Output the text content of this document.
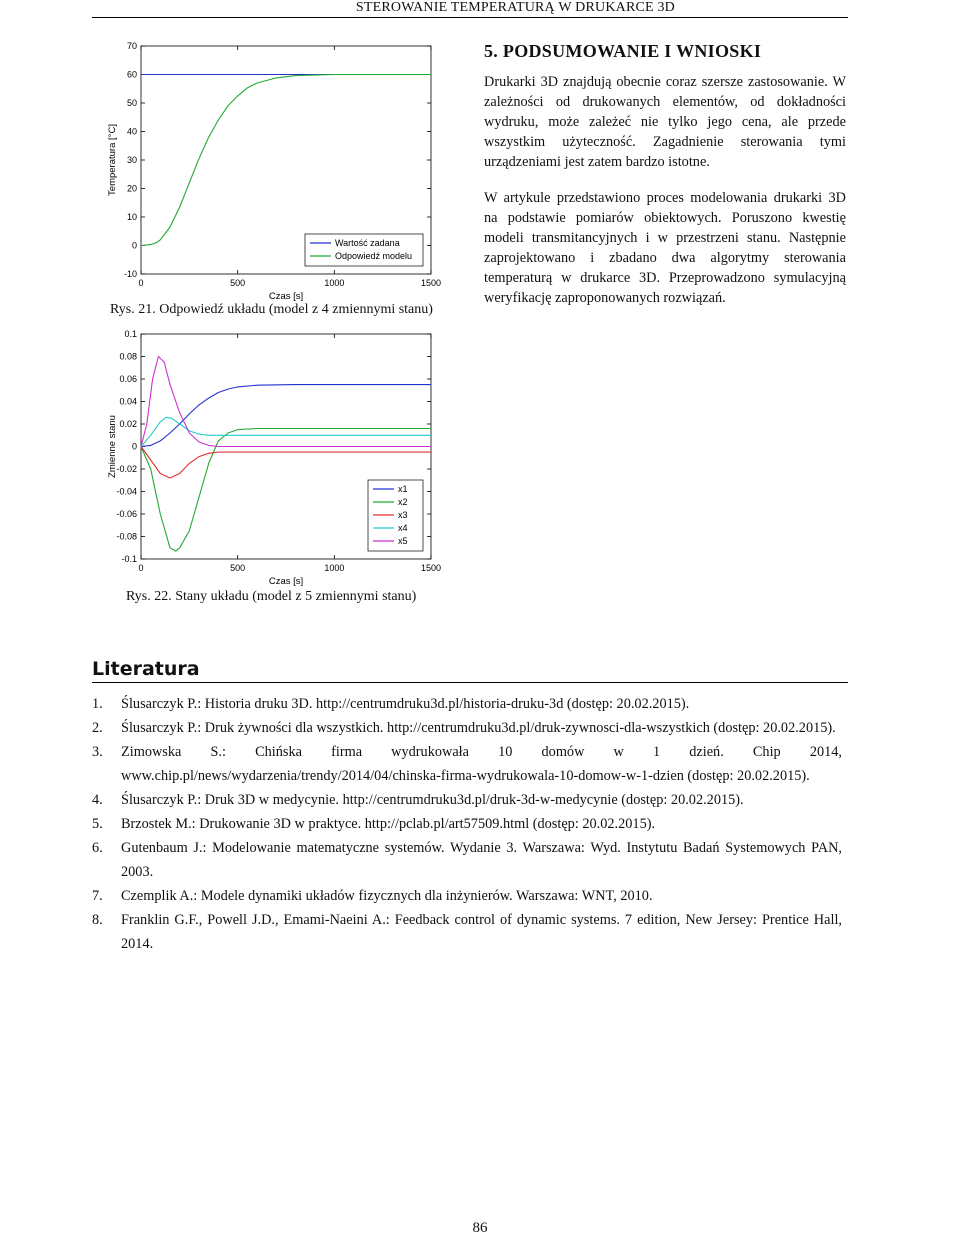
STEROWANIE TEMPERATURĄ W DRUKARCE 3D
0	500	1000	1500
70
60
50
40
30
20
10
0
-10
Czas [s]
Temperatura [°C]
Wartość zadana
Odpowiedź modelu
Rys. 21. Odpowiedź układu (model z 4 zmiennymi stanu)
0	500	1000	1500
0.1
0.08
0.06
0.04
0.02
0
-0.02
-0.04
-0.06
-0.08
-0.1
Czas [s]
Zmienne stanu
x1
x2
x3
x4
x5
Rys. 22. Stany układu (model z 5 zmiennymi stanu)
5. PODSUMOWANIE I WNIOSKI

Drukarki 3D znajdują obecnie coraz szersze zastosowanie. W zależności od drukowanych elementów, od dokładności wydruku, może zależeć nie tylko jego cena, ale przede wszystkim użyteczność. Zagadnienie sterowania tymi urządzeniami jest zatem bardzo istotne.

W artykule przedstawiono proces modelowania drukarki 3D na podstawie pomiarów obiektowych. Poruszono kwestię modeli transmitancyjnych i w przestrzeni stanu. Następnie zaprojektowano i zbadano dwa algorytmy sterowania temperaturą w drukarce 3D. Przeprowadzono symulacyjną weryfikację zaproponowanych rozwiązań.

Literatura
1. Ślusarczyk P.: Historia druku 3D. http://centrumdruku3d.pl/historia-druku-3d (dostęp: 20.02.2015).
2. Ślusarczyk P.: Druk żywności dla wszystkich. http://centrumdruku3d.pl/druk-zywnosci-dla-wszystkich (dostęp: 20.02.2015).
3. Zimowska S.: Chińska firma wydrukowała 10 domów w 1 dzień. Chip 2014, www.chip.pl/news/wydarzenia/trendy/2014/04/chinska-firma-wydrukowala-10-domow-w-1-dzien (dostęp: 20.02.2015).
4. Ślusarczyk P.: Druk 3D w medycynie. http://centrumdruku3d.pl/druk-3d-w-medycynie (dostęp: 20.02.2015).
5. Brzostek M.: Drukowanie 3D w praktyce. http://pclab.pl/art57509.html (dostęp: 20.02.2015).
6. Gutenbaum J.: Modelowanie matematyczne systemów. Wydanie 3. Warszawa: Wyd. Instytutu Badań Systemowych PAN, 2003.
7. Czemplik A.: Modele dynamiki układów fizycznych dla inżynierów. Warszawa: WNT, 2010.
8. Franklin G.F., Powell J.D., Emami-Naeini A.: Feedback control of dynamic systems. 7 edition, New Jersey: Prentice Hall, 2014.
86
